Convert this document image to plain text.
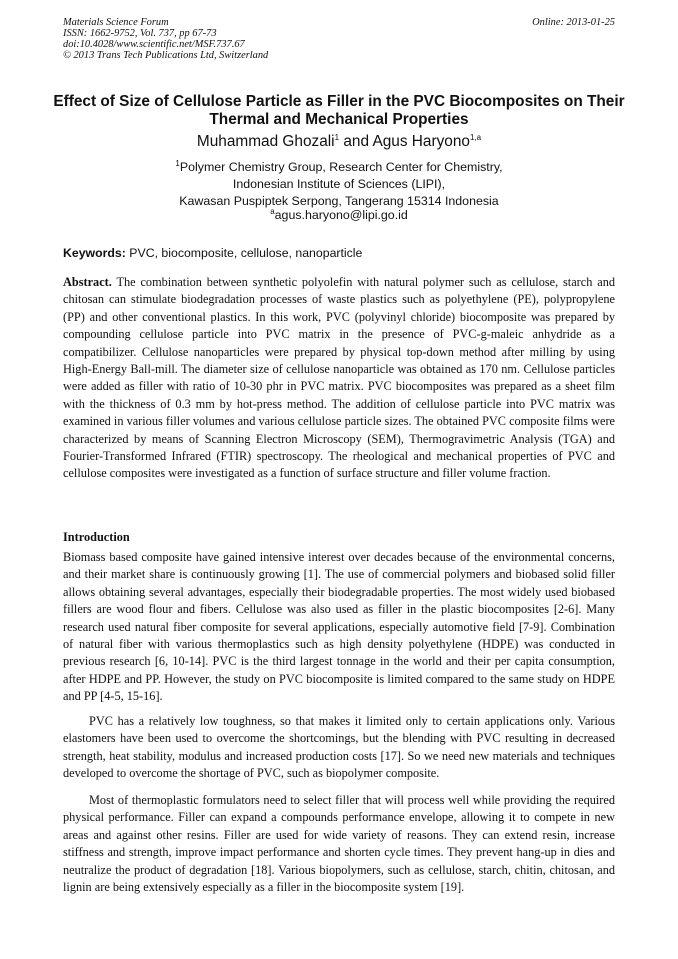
Materials Science Forum
ISSN: 1662-9752, Vol. 737, pp 67-73
doi:10.4028/www.scientific.net/MSF.737.67
© 2013 Trans Tech Publications Ltd, Switzerland
Online: 2013-01-25
Effect of Size of Cellulose Particle as Filler in the PVC Biocomposites on Their Thermal and Mechanical Properties
Muhammad Ghozali$^1$ and Agus Haryono$^{1,a}$
$^1$Polymer Chemistry Group, Research Center for Chemistry,
Indonesian Institute of Sciences (LIPI),
Kawasan Puspiptek Serpong, Tangerang 15314 Indonesia
$^a$agus.haryono@lipi.go.id
Keywords: PVC, biocomposite, cellulose, nanoparticle
Abstract. The combination between synthetic polyolefin with natural polymer such as cellulose, starch and chitosan can stimulate biodegradation processes of waste plastics such as polyethylene (PE), polypropylene (PP) and other conventional plastics. In this work, PVC (polyvinyl chloride) biocomposite was prepared by compounding cellulose particle into PVC matrix in the presence of PVC-g-maleic anhydride as a compatibilizer. Cellulose nanoparticles were prepared by physical top-down method after milling by using High-Energy Ball-mill. The diameter size of cellulose nanoparticle was obtained as 170 nm. Cellulose particles were added as filler with ratio of 10-30 phr in PVC matrix. PVC biocomposites was prepared as a sheet film with the thickness of 0.3 mm by hot-press method. The addition of cellulose particle into PVC matrix was examined in various filler volumes and various cellulose particle sizes. The obtained PVC composite films were characterized by means of Scanning Electron Microscopy (SEM), Thermogravimetric Analysis (TGA) and Fourier-Transformed Infrared (FTIR) spectroscopy. The rheological and mechanical properties of PVC and cellulose composites were investigated as a function of surface structure and filler volume fraction.
Introduction
Biomass based composite have gained intensive interest over decades because of the environmental concerns, and their market share is continuously growing [1]. The use of commercial polymers and biobased solid filler allows obtaining several advantages, especially their biodegradable properties. The most widely used biobased fillers are wood flour and fibers. Cellulose was also used as filler in the plastic biocomposites [2-6]. Many research used natural fiber composite for several applications, especially automotive field [7-9]. Combination of natural fiber with various thermoplastics such as high density polyethylene (HDPE) was conducted in previous research [6, 10-14]. PVC is the third largest tonnage in the world and their per capita consumption, after HDPE and PP. However, the study on PVC biocomposite is limited compared to the same study on HDPE and PP [4-5, 15-16].
PVC has a relatively low toughness, so that makes it limited only to certain applications only. Various elastomers have been used to overcome the shortcomings, but the blending with PVC resulting in decreased strength, heat stability, modulus and increased production costs [17]. So we need new materials and techniques developed to overcome the shortage of PVC, such as biopolymer composite.
Most of thermoplastic formulators need to select filler that will process well while providing the required physical performance. Filler can expand a compounds performance envelope, allowing it to compete in new areas and against other resins. Filler are used for wide variety of reasons. They can extend resin, increase stiffness and strength, improve impact performance and shorten cycle times. They prevent hang-up in dies and neutralize the product of degradation [18]. Various biopolymers, such as cellulose, starch, chitin, chitosan, and lignin are being extensively especially as a filler in the biocomposite system [19].
